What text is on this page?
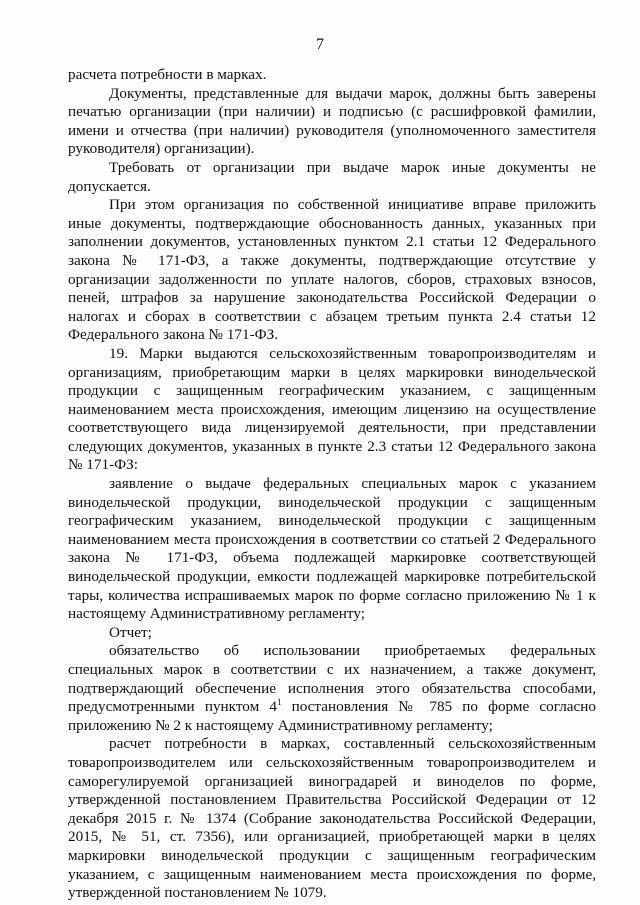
7

расчета потребности в марках.

Документы, представленные для выдачи марок, должны быть заверены печатью организации (при наличии) и подписью (с расшифровкой фамилии, имени и отчества (при наличии) руководителя (уполномоченного заместителя руководителя) организации).

Требовать от организации при выдаче марок иные документы не допускается.

При этом организация по собственной инициативе вправе приложить иные документы, подтверждающие обоснованность данных, указанных при заполнении документов, установленных пунктом 2.1 статьи 12 Федерального закона № 171-ФЗ, а также документы, подтверждающие отсутствие у организации задолженности по уплате налогов, сборов, страховых взносов, пеней, штрафов за нарушение законодательства Российской Федерации о налогах и сборах в соответствии с абзацем третьим пункта 2.4 статьи 12 Федерального закона № 171-ФЗ.

19. Марки выдаются сельскохозяйственным товаропроизводителям и организациям, приобретающим марки в целях маркировки винодельческой продукции с защищенным географическим указанием, с защищенным наименованием места происхождения, имеющим лицензию на осуществление соответствующего вида лицензируемой деятельности, при представлении следующих документов, указанных в пункте 2.3 статьи 12 Федерального закона № 171-ФЗ:

заявление о выдаче федеральных специальных марок с указанием винодельческой продукции, винодельческой продукции с защищенным географическим указанием, винодельческой продукции с защищенным наименованием места происхождения в соответствии со статьей 2 Федерального закона № 171-ФЗ, объема подлежащей маркировке соответствующей винодельческой продукции, емкости подлежащей маркировке потребительской тары, количества испрашиваемых марок по форме согласно приложению № 1 к настоящему Административному регламенту;

Отчет;

обязательство об использовании приобретаемых федеральных специальных марок в соответствии с их назначением, а также документ, подтверждающий обеспечение исполнения этого обязательства способами, предусмотренными пунктом $4^1$ постановления № 785 по форме согласно приложению № 2 к настоящему Административному регламенту;

расчет потребности в марках, составленный сельскохозяйственным товаропроизводителем или сельскохозяйственным товаропроизводителем и саморегулируемой организацией виноградарей и виноделов по форме, утвержденной постановлением Правительства Российской Федерации от 12 декабря 2015 г. № 1374 (Собрание законодательства Российской Федерации, 2015, № 51, ст. 7356), или организацией, приобретающей марки в целях маркировки винодельческой продукции с защищенным географическим указанием, с защищенным наименованием места происхождения по форме, утвержденной постановлением № 1079.
